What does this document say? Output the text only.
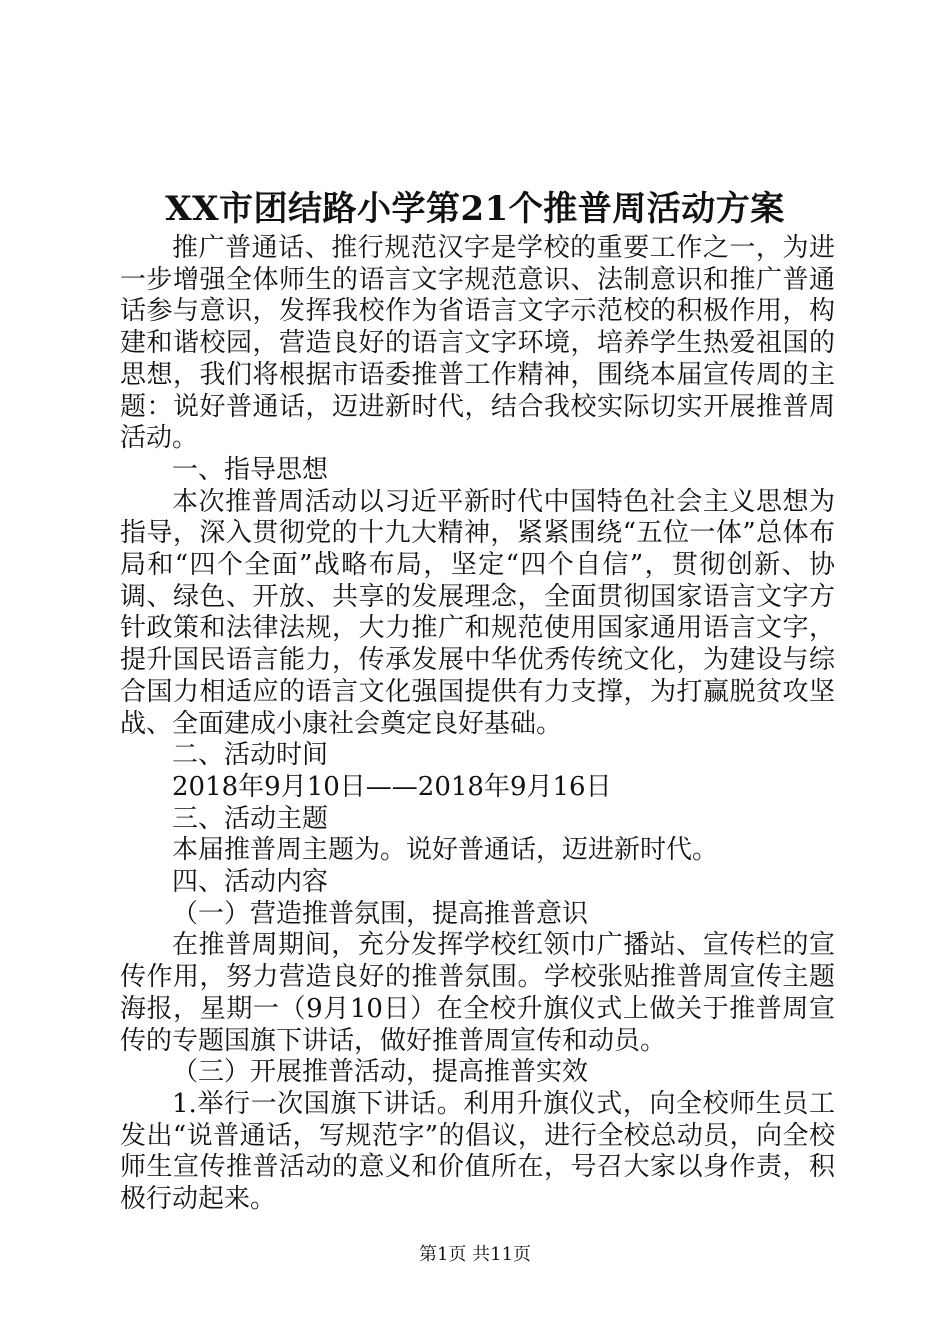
XX市团结路小学第21个推普周活动方案

推广普通话、推行规范汉字是学校的重要工作之一，为进一步增强全体师生的语言文字规范意识、法制意识和推广普通话参与意识，发挥我校作为省语言文字示范校的积极作用，构建和谐校园，营造良好的语言文字环境，培养学生热爱祖国的思想，我们将根据市语委推普工作精神，围绕本届宣传周的主题：说好普通话，迈进新时代，结合我校实际切实开展推普周活动。

一、指导思想

本次推普周活动以习近平新时代中国特色社会主义思想为指导，深入贯彻党的十九大精神，紧紧围绕“五位一体”总体布局和“四个全面”战略布局，坚定“四个自信”，贯彻创新、协调、绿色、开放、共享的发展理念，全面贯彻国家语言文字方针政策和法律法规，大力推广和规范使用国家通用语言文字，提升国民语言能力，传承发展中华优秀传统文化，为建设与综合国力相适应的语言文化强国提供有力支撑，为打赢脱贫攻坚战、全面建成小康社会奠定良好基础。

二、活动时间

2018年9月10日——2018年9月16日

三、活动主题

本届推普周主题为。说好普通话，迈进新时代。

四、活动内容

（一）营造推普氛围，提高推普意识

在推普周期间，充分发挥学校红领巾广播站、宣传栏的宣传作用，努力营造良好的推普氛围。学校张贴推普周宣传主题海报，星期一（9月10日）在全校升旗仪式上做关于推普周宣传的专题国旗下讲话，做好推普周宣传和动员。

（三）开展推普活动，提高推普实效

1.举行一次国旗下讲话。利用升旗仪式，向全校师生员工发出“说普通话，写规范字”的倡议，进行全校总动员，向全校师生宣传推普活动的意义和价值所在，号召大家以身作责，积极行动起来。

第1页 共11页
